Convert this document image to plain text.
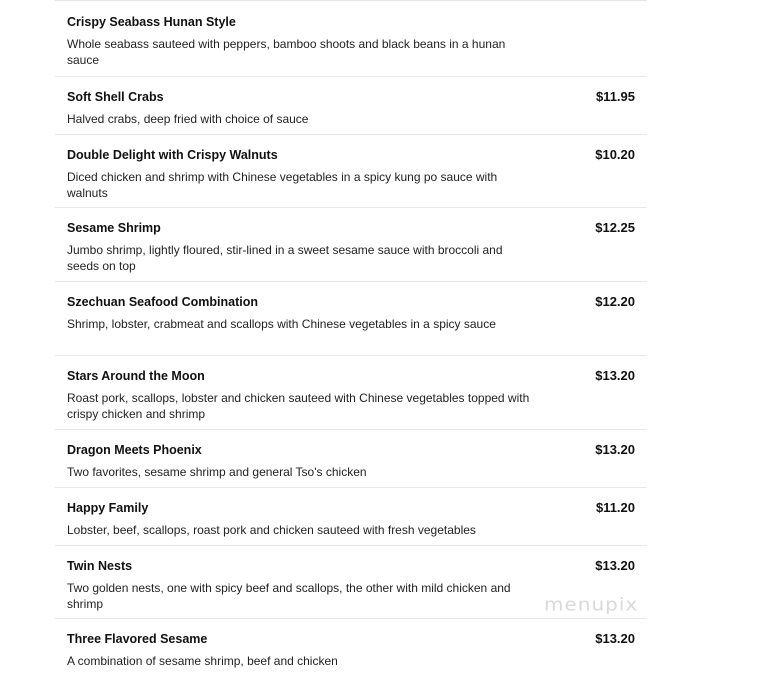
Crispy Seabass Hunan Style
Whole seabass sauteed with peppers, bamboo shoots and black beans in a hunan sauce
Soft Shell Crabs
Halved crabs, deep fried with choice of sauce
$11.95
Double Delight with Crispy Walnuts
Diced chicken and shrimp with Chinese vegetables in a spicy kung po sauce with walnuts
$10.20
Sesame Shrimp
Jumbo shrimp, lightly floured, stir-lined in a sweet sesame sauce with broccoli and seeds on top
$12.25
Szechuan Seafood Combination
Shrimp, lobster, crabmeat and scallops with Chinese vegetables in a spicy sauce
$12.20
Stars Around the Moon
Roast pork, scallops, lobster and chicken sauteed with Chinese vegetables topped with crispy chicken and shrimp
$13.20
Dragon Meets Phoenix
Two favorites, sesame shrimp and general Tso's chicken
$13.20
Happy Family
Lobster, beef, scallops, roast pork and chicken sauteed with fresh vegetables
$11.20
Twin Nests
Two golden nests, one with spicy beef and scallops, the other with mild chicken and shrimp
$13.20
Three Flavored Sesame
A combination of sesame shrimp, beef and chicken
$13.20
menupix
